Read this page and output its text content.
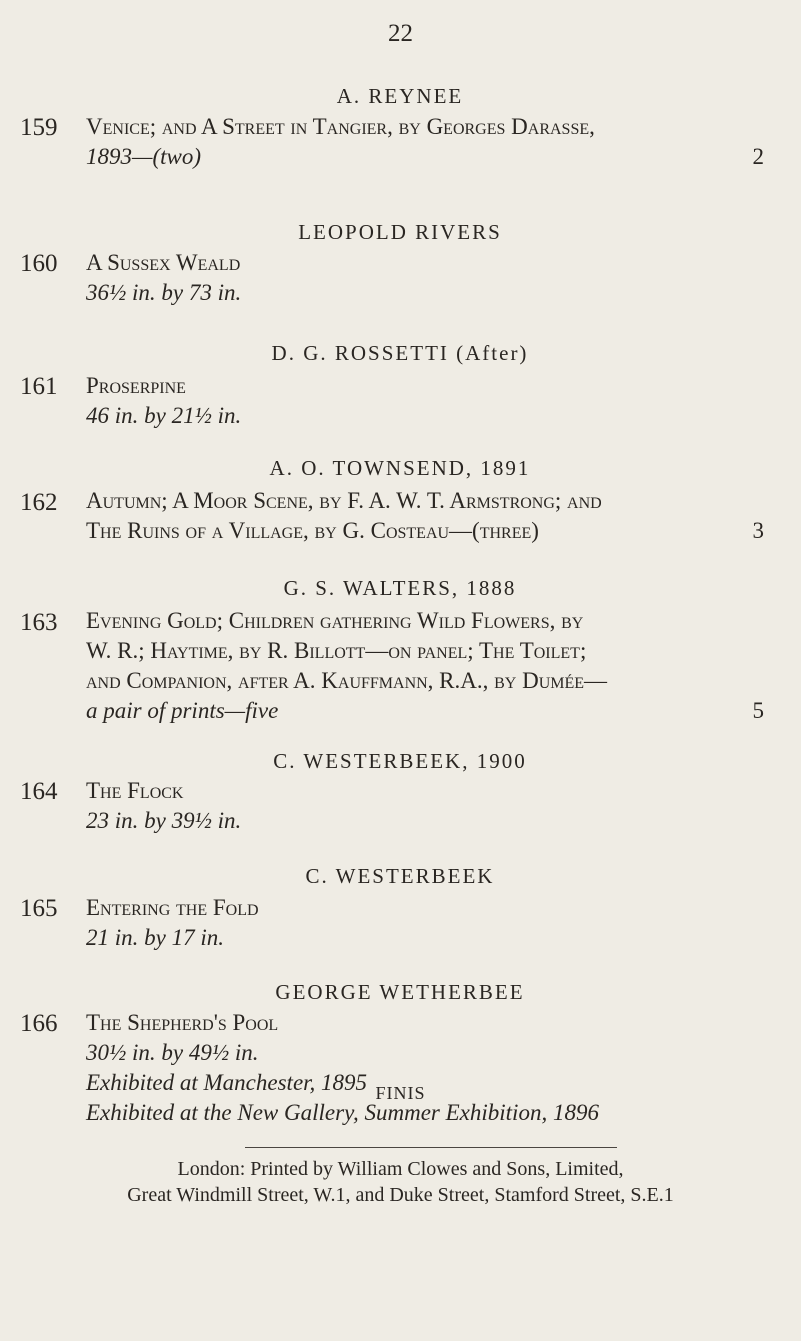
22
A. REYNEE
159 Venice; and A Street in Tangier, by Georges Darasse,
1893—(two)	2
LEOPOLD RIVERS
160 A Sussex Weald
36½ in. by 73 in.
D. G. ROSSETTI (After)
161 Proserpine
46 in. by 21½ in.
A. O. TOWNSEND, 1891
162 Autumn; A Moor Scene, by F. A. W. T. Armstrong; and
The Ruins of a Village, by G. Costeau—(three)	3
G. S. WALTERS, 1888
163 Evening Gold; Children gathering Wild Flowers, by
W. R.; Haytime, by R. Billott—on panel; The Toilet;
and Companion, after A. Kauffmann, R.A., by Dumée—
a pair of prints—five	5
C. WESTERBEEK, 1900
164 The Flock
23 in. by 39½ in.
C. WESTERBEEK
165 Entering the Fold
21 in. by 17 in.
GEORGE WETHERBEE
166 The Shepherd's Pool
30½ in. by 49½ in.
Exhibited at Manchester, 1895
Exhibited at the New Gallery, Summer Exhibition, 1896
FINIS
London: Printed by William Clowes and Sons, Limited,
Great Windmill Street, W.1, and Duke Street, Stamford Street, S.E.1
